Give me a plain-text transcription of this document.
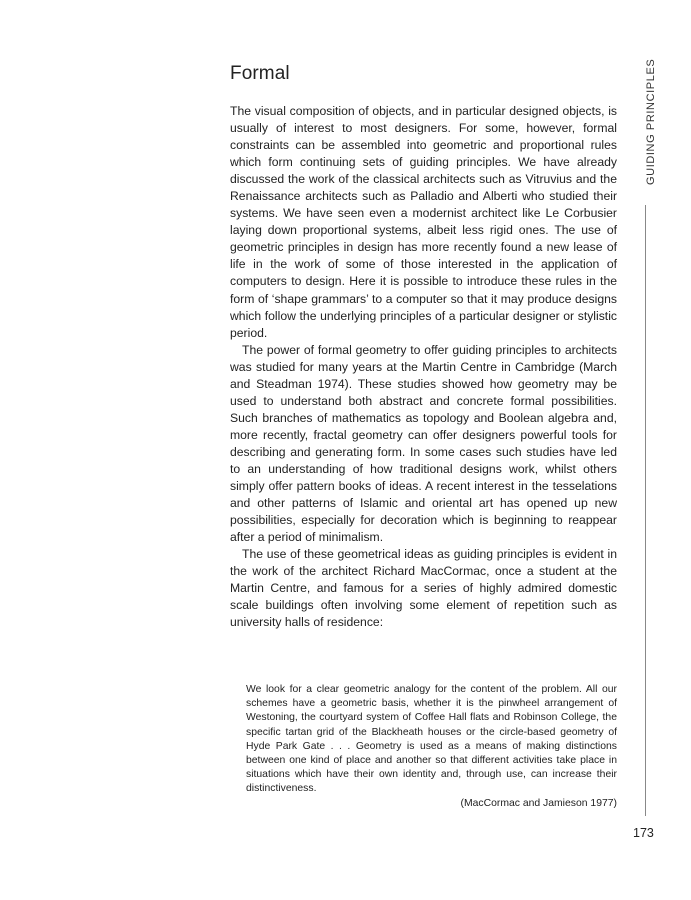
Formal

The visual composition of objects, and in particular designed objects, is usually of interest to most designers. For some, however, formal constraints can be assembled into geometric and proportional rules which form continuing sets of guiding principles. We have already discussed the work of the classical architects such as Vitruvius and the Renaissance architects such as Palladio and Alberti who studied their systems. We have seen even a modernist architect like Le Corbusier laying down proportional systems, albeit less rigid ones. The use of geometric principles in design has more recently found a new lease of life in the work of some of those interested in the application of computers to design. Here it is possible to introduce these rules in the form of ‘shape grammars’ to a computer so that it may produce designs which follow the underlying principles of a particular designer or stylistic period.

The power of formal geometry to offer guiding principles to architects was studied for many years at the Martin Centre in Cambridge (March and Steadman 1974). These studies showed how geometry may be used to understand both abstract and concrete formal possibilities. Such branches of mathematics as topology and Boolean algebra and, more recently, fractal geometry can offer designers powerful tools for describing and generating form. In some cases such studies have led to an understanding of how traditional designs work, whilst others simply offer pattern books of ideas. A recent interest in the tesselations and other patterns of Islamic and oriental art has opened up new possibilities, especially for decoration which is beginning to reappear after a period of minimalism.

The use of these geometrical ideas as guiding principles is evident in the work of the architect Richard MacCormac, once a student at the Martin Centre, and famous for a series of highly admired domestic scale buildings often involving some element of repetition such as university halls of residence:

We look for a clear geometric analogy for the content of the problem. All our schemes have a geometric basis, whether it is the pinwheel arrangement of Westoning, the courtyard system of Coffee Hall flats and Robinson College, the specific tartan grid of the Blackheath houses or the circle-based geometry of Hyde Park Gate . . . Geometry is used as a means of making distinctions between one kind of place and another so that different activities take place in situations which have their own identity and, through use, can increase their distinctiveness.

(MacCormac and Jamieson 1977)

GUIDING PRINCIPLES
173
